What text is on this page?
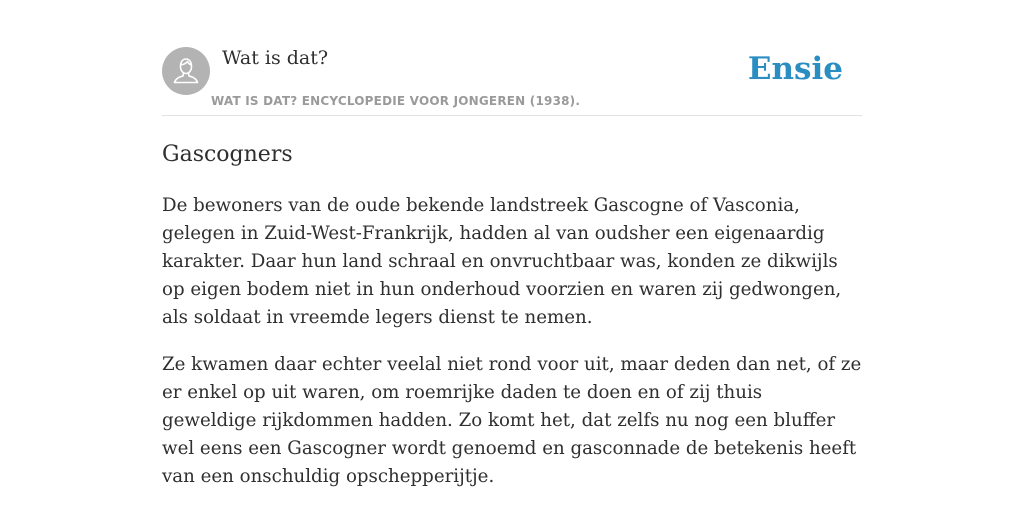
Wat is dat?
WAT IS DAT? ENCYCLOPEDIE VOOR JONGEREN (1938).
Ensie
Gascogners

De bewoners van de oude bekende landstreek Gascogne of Vasconia, gelegen in Zuid-West-Frankrijk, hadden al van oudsher een eigenaardig karakter. Daar hun land schraal en onvruchtbaar was, konden ze dikwijls op eigen bodem niet in hun onderhoud voorzien en waren zij gedwongen, als soldaat in vreemde legers dienst te nemen.

Ze kwamen daar echter veelal niet rond voor uit, maar deden dan net, of ze er enkel op uit waren, om roemrijke daden te doen en of zij thuis geweldige rijkdommen hadden. Zo komt het, dat zelfs nu nog een bluffer wel eens een Gascogner wordt genoemd en gasconnade de betekenis heeft van een onschuldig opschepperijtje.
